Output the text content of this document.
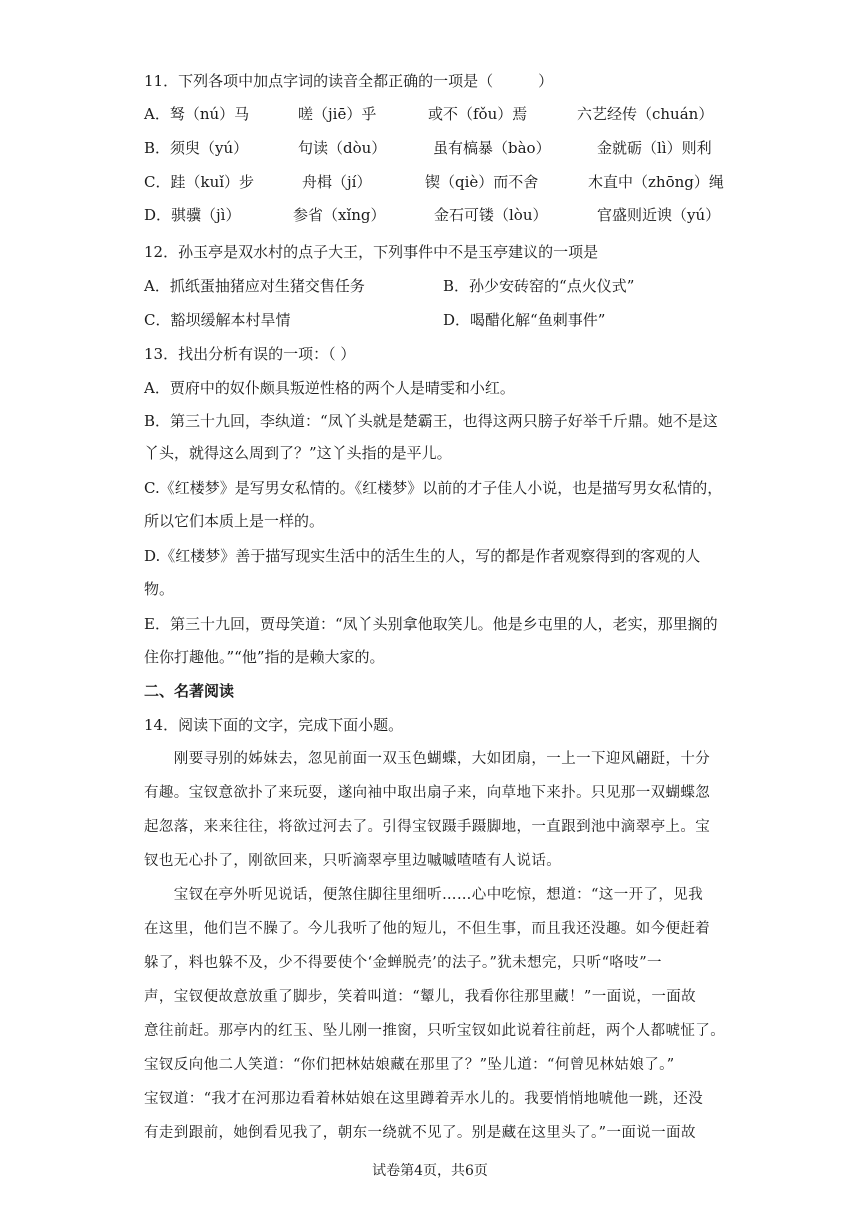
11．下列各项中加点字词的读音全都正确的一项是（　　　）
A．驽（nú）马	嗟（jiē）乎	或不（fǒu）焉	六艺经传（chuán）
B．须臾（yú）	句读（dòu）	虽有槁暴（bào）	金就砺（lì）则利
C．跬（kuǐ）步	舟楫（jí）	锲（qiè）而不舍	木直中（zhōng）绳
D．骐骥（jì）	参省（xǐng）	金石可镂（lòu）	官盛则近谀（yú）
12．孙玉亭是双水村的点子大王，下列事件中不是玉亭建议的一项是
A．抓纸蛋抽猪应对生猪交售任务	B．孙少安砖窑的“点火仪式”
C．豁坝缓解本村旱情	D．喝醋化解“鱼刺事件”
13．找出分析有误的一项：（ ）
A．贾府中的奴仆颇具叛逆性格的两个人是晴雯和小红。
B．第三十九回，李纨道：“凤丫头就是楚霸王，也得这两只膀子好举千斤鼎。她不是这
丫头，就得这么周到了？”这丫头指的是平儿。
C.《红楼梦》是写男女私情的。《红楼梦》以前的才子佳人小说，也是描写男女私情的，
所以它们本质上是一样的。
D.《红楼梦》善于描写现实生活中的活生生的人，写的都是作者观察得到的客观的人
物。
E．第三十九回，贾母笑道：“凤丫头别拿他取笑儿。他是乡屯里的人，老实，那里搁的
住你打趣他。”“他”指的是赖大家的。
二、名著阅读
14．阅读下面的文字，完成下面小题。
　　刚要寻别的姊妹去，忽见前面一双玉色蝴蝶，大如团扇，一上一下迎风翩跹，十分
有趣。宝钗意欲扑了来玩耍，遂向袖中取出扇子来，向草地下来扑。只见那一双蝴蝶忽
起忽落，来来往往，将欲过河去了。引得宝钗蹑手蹑脚地，一直跟到池中滴翠亭上。宝
钗也无心扑了，刚欲回来，只听滴翠亭里边嘁嘁喳喳有人说话。
　　宝钗在亭外听见说话，便煞住脚往里细听……心中吃惊，想道：“这一开了，见我
在这里，他们岂不臊了。今儿我听了他的短儿，不但生事，而且我还没趣。如今便赶着
躲了，料也躲不及，少不得要使个‘金蝉脱壳’的法子。”犹未想完，只听“咯吱”一
声，宝钗便故意放重了脚步，笑着叫道：“颦儿，我看你往那里藏！”一面说，一面故
意往前赶。那亭内的红玉、坠儿刚一推窗，只听宝钗如此说着往前赶，两个人都唬怔了。
宝钗反向他二人笑道：“你们把林姑娘藏在那里了？”坠儿道：“何曾见林姑娘了。”
宝钗道：“我才在河那边看着林姑娘在这里蹲着弄水儿的。我要悄悄地唬他一跳，还没
有走到跟前，她倒看见我了，朝东一绕就不见了。别是藏在这里头了。”一面说一面故
试卷第4页，共6页
